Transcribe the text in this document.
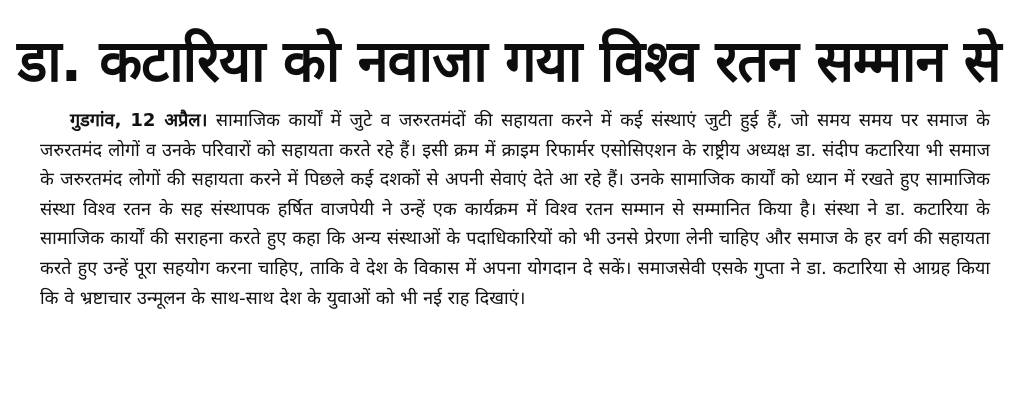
डा. कटारिया को नवाजा गया विश्व रतन सम्मान से
गुडगांव, 12 अप्रैल। सामाजिक कार्यों में जुटे व जरुरतमंदों की सहायता करने में कई संस्थाएं जुटी हुई हैं, जो समय समय पर समाज के जरुरतमंद लोगों व उनके परिवारों को सहायता करते रहे हैं। इसी क्रम में क्राइम रिफार्मर एसोसिएशन के राष्ट्रीय अध्यक्ष डा. संदीप कटारिया भी समाज के जरुरतमंद लोगों की सहायता करने में पिछले कई दशकों से अपनी सेवाएं देते आ रहे हैं। उनके सामाजिक कार्यों को ध्यान में रखते हुए सामाजिक संस्था विश्व रतन के सह संस्थापक हर्षित वाजपेयी ने उन्हें एक कार्यक्रम में विश्व रतन सम्मान से सम्मानित किया है। संस्था ने डा. कटारिया के सामाजिक कार्यों की सराहना करते हुए कहा कि अन्य संस्थाओं के पदाधिकारियों को भी उनसे प्रेरणा लेनी चाहिए और समाज के हर वर्ग की सहायता करते हुए उन्हें पूरा सहयोग करना चाहिए, ताकि वे देश के विकास में अपना योगदान दे सकें। समाजसेवी एसके गुप्ता ने डा. कटारिया से आग्रह किया कि वे भ्रष्टाचार उन्मूलन के साथ-साथ देश के युवाओं को भी नई राह दिखाएं।
